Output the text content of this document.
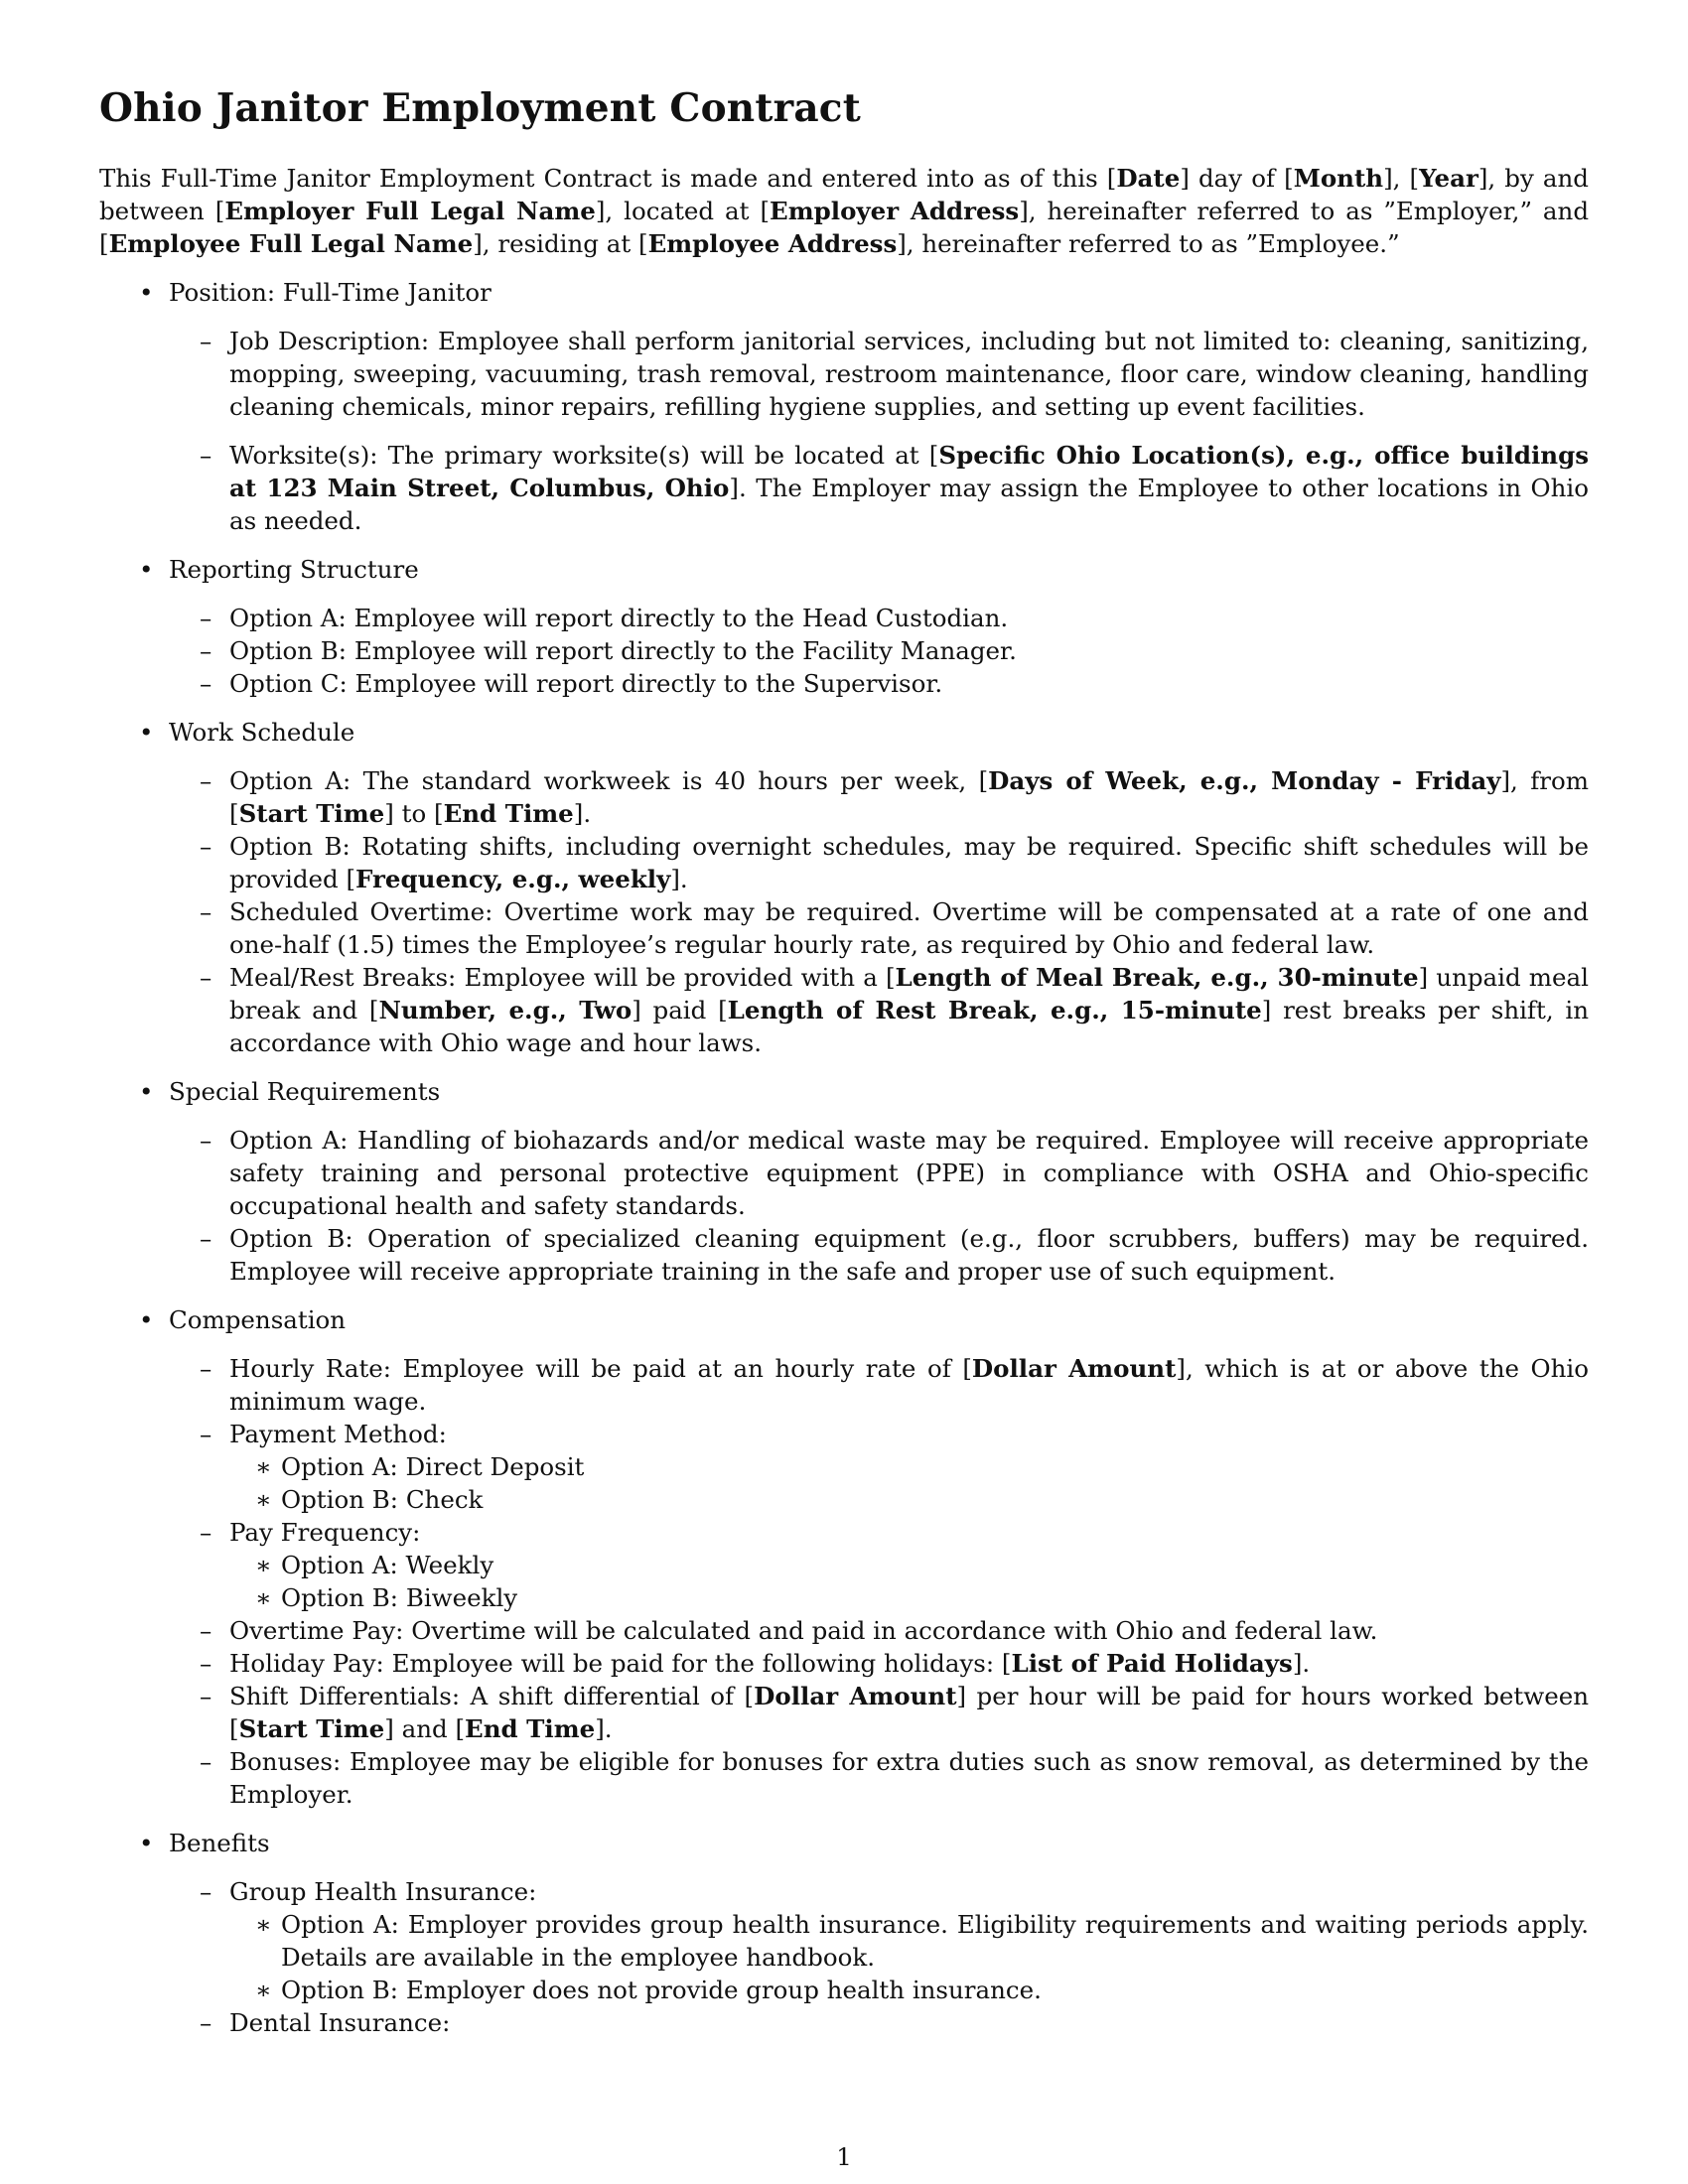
Ohio Janitor Employment Contract

This Full-Time Janitor Employment Contract is made and entered into as of this [Date] day of [Month], [Year], by and between [Employer Full Legal Name], located at [Employer Address], hereinafter referred to as ”Employer,” and [Employee Full Legal Name], residing at [Employee Address], hereinafter referred to as ”Employee.”

• Position: Full-Time Janitor
– Job Description: Employee shall perform janitorial services, including but not limited to: cleaning, sanitizing, mopping, sweeping, vacuuming, trash removal, restroom maintenance, floor care, window cleaning, handling cleaning chemicals, minor repairs, refilling hygiene supplies, and setting up event facilities.
– Worksite(s): The primary worksite(s) will be located at [Specific Ohio Location(s), e.g., office buildings at 123 Main Street, Columbus, Ohio]. The Employer may assign the Employee to other locations in Ohio as needed.
• Reporting Structure
– Option A: Employee will report directly to the Head Custodian.
– Option B: Employee will report directly to the Facility Manager.
– Option C: Employee will report directly to the Supervisor.
• Work Schedule
– Option A: The standard workweek is 40 hours per week, [Days of Week, e.g., Monday - Friday], from [Start Time] to [End Time].
– Option B: Rotating shifts, including overnight schedules, may be required. Specific shift schedules will be provided [Frequency, e.g., weekly].
– Scheduled Overtime: Overtime work may be required. Overtime will be compensated at a rate of one and one-half (1.5) times the Employee’s regular hourly rate, as required by Ohio and federal law.
– Meal/Rest Breaks: Employee will be provided with a [Length of Meal Break, e.g., 30-minute] unpaid meal break and [Number, e.g., Two] paid [Length of Rest Break, e.g., 15-minute] rest breaks per shift, in accordance with Ohio wage and hour laws.
• Special Requirements
– Option A: Handling of biohazards and/or medical waste may be required. Employee will receive appropriate safety training and personal protective equipment (PPE) in compliance with OSHA and Ohio-specific occupational health and safety standards.
– Option B: Operation of specialized cleaning equipment (e.g., floor scrubbers, buffers) may be required. Employee will receive appropriate training in the safe and proper use of such equipment.
• Compensation
– Hourly Rate: Employee will be paid at an hourly rate of [Dollar Amount], which is at or above the Ohio minimum wage.
– Payment Method:
∗ Option A: Direct Deposit
∗ Option B: Check
– Pay Frequency:
∗ Option A: Weekly
∗ Option B: Biweekly
– Overtime Pay: Overtime will be calculated and paid in accordance with Ohio and federal law.
– Holiday Pay: Employee will be paid for the following holidays: [List of Paid Holidays].
– Shift Differentials: A shift differential of [Dollar Amount] per hour will be paid for hours worked between [Start Time] and [End Time].
– Bonuses: Employee may be eligible for bonuses for extra duties such as snow removal, as determined by the Employer.
• Benefits
– Group Health Insurance:
∗ Option A: Employer provides group health insurance. Eligibility requirements and waiting periods apply. Details are available in the employee handbook.
∗ Option B: Employer does not provide group health insurance.
– Dental Insurance:
1
